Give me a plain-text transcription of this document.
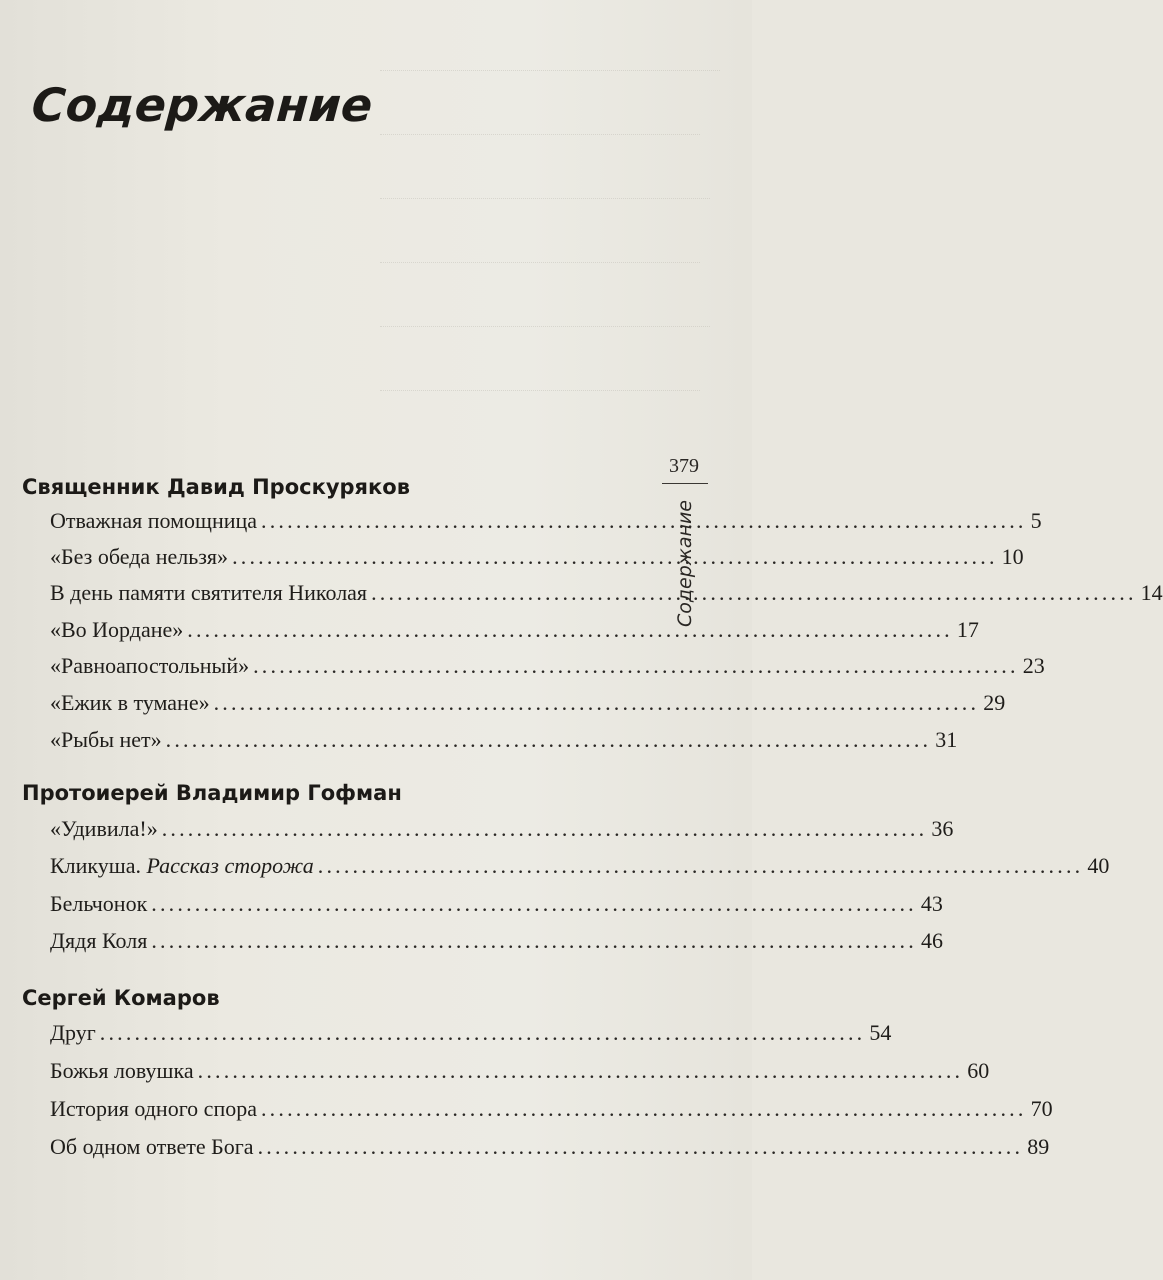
Содержание
Священник Давид Проскуряков
Отважная помощница ........................................................................................ 5
«Без обеда нельзя» ........................................................................................ 10
В день памяти святителя Николая ........................................................................................ 14
«Во Иордане» ........................................................................................ 17
«Равноапостольный» ........................................................................................ 23
«Ежик в тумане» ........................................................................................ 29
«Рыбы нет» ........................................................................................ 31
Протоиерей Владимир Гофман
«Удивила!» ........................................................................................ 36
Кликуша. Рассказ сторожа ........................................................................................ 40
Бельчонок ........................................................................................ 43
Дядя Коля ........................................................................................ 46
Сергей Комаров
Друг ........................................................................................ 54
Божья ловушка ........................................................................................ 60
История одного спора ........................................................................................ 70
Об одном ответе Бога ........................................................................................ 89
379
Содержание
